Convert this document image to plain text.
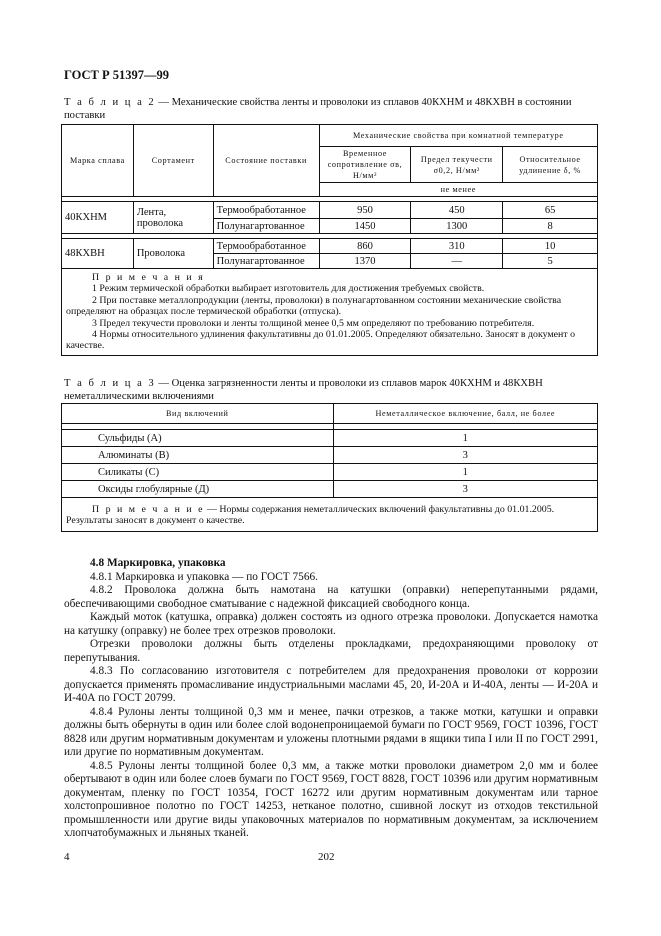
ГОСТ Р 51397—99
Т а б л и ц а 2 — Механические свойства ленты и проволоки из сплавов 40КХНМ и 48КХВН в состоянии поставки
Марка сплава	Сортамент	Состояние поставки	Механические свойства при комнатной температуре		
			Временное сопротивление σв, Н/мм²	Предел текучести σ0,2, Н/мм²	Относительное удлинение δ, %
			не менее		

40КХНМ	Лента, проволока	Термообработанное	950	450	65
		Полунагартованное	1450	1300	8

48КХВН	Проволока	Термообработанное	860	310	10
		Полунагартованное	1370	—	5

П р и м е ч а н и я

1 Режим термической обработки выбирает изготовитель для достижения требуемых свойств.

2 При поставке металлопродукции (ленты, проволоки) в полунагартованном состоянии механические свойства определяют на образцах после термической обработки (отпуска).

3 Предел текучести проволоки и ленты толщиной менее 0,5 мм определяют по требованию потребителя.

4 Нормы относительного удлинения факультативны до 01.01.2005. Определяют обязательно. Заносят в документ о качестве.					

Т а б л и ц а 3 — Оценка загрязненности ленты и проволоки из сплавов марок 40КХНМ и 48КХВН неметаллическими включениями
Вид включений	Неметаллическое включение, балл, не более

Сульфиды (А)	1
Алюминаты (В)	3
Силикаты (С)	1
Оксиды глобулярные (Д)	3

П р и м е ч а н и е — Нормы содержания неметаллических включений факультативны до 01.01.2005. Результаты заносят в документ о качестве.	

4.8 Маркировка, упаковка

4.8.1 Маркировка и упаковка — по ГОСТ 7566.

4.8.2 Проволока должна быть намотана на катушки (оправки) неперепутанными рядами, обеспечивающими свободное сматывание с надежной фиксацией свободного конца.

Каждый моток (катушка, оправка) должен состоять из одного отрезка проволоки. Допускается намотка на катушку (оправку) не более трех отрезков проволоки.

Отрезки проволоки должны быть отделены прокладками, предохраняющими проволоку от перепутывания.

4.8.3 По согласованию изготовителя с потребителем для предохранения проволоки от коррозии допускается применять промасливание индустриальными маслами 45, 20, И-20А и И-40А, ленты — И-20А и И-40А по ГОСТ 20799.

4.8.4 Рулоны ленты толщиной 0,3 мм и менее, пачки отрезков, а также мотки, катушки и оправки должны быть обернуты в один или более слой водонепроницаемой бумаги по ГОСТ 9569, ГОСТ 10396, ГОСТ 8828 или другим нормативным документам и уложены плотными рядами в ящики типа I или II по ГОСТ 2991, или другие по нормативным документам.

4.8.5 Рулоны ленты толщиной более 0,3 мм, а также мотки проволоки диаметром 2,0 мм и более обертывают в один или более слоев бумаги по ГОСТ 9569, ГОСТ 8828, ГОСТ 10396 или другим нормативным документам, пленку по ГОСТ 10354, ГОСТ 16272 или другим нормативным документам или тарное холстопрошивное полотно по ГОСТ 14253, нетканое полотно, сшивной лоскут из отходов текстильной промышленности или другие виды упаковочных материалов по нормативным документам, за исключением хлопчатобумажных и льняных тканей.

4	202
